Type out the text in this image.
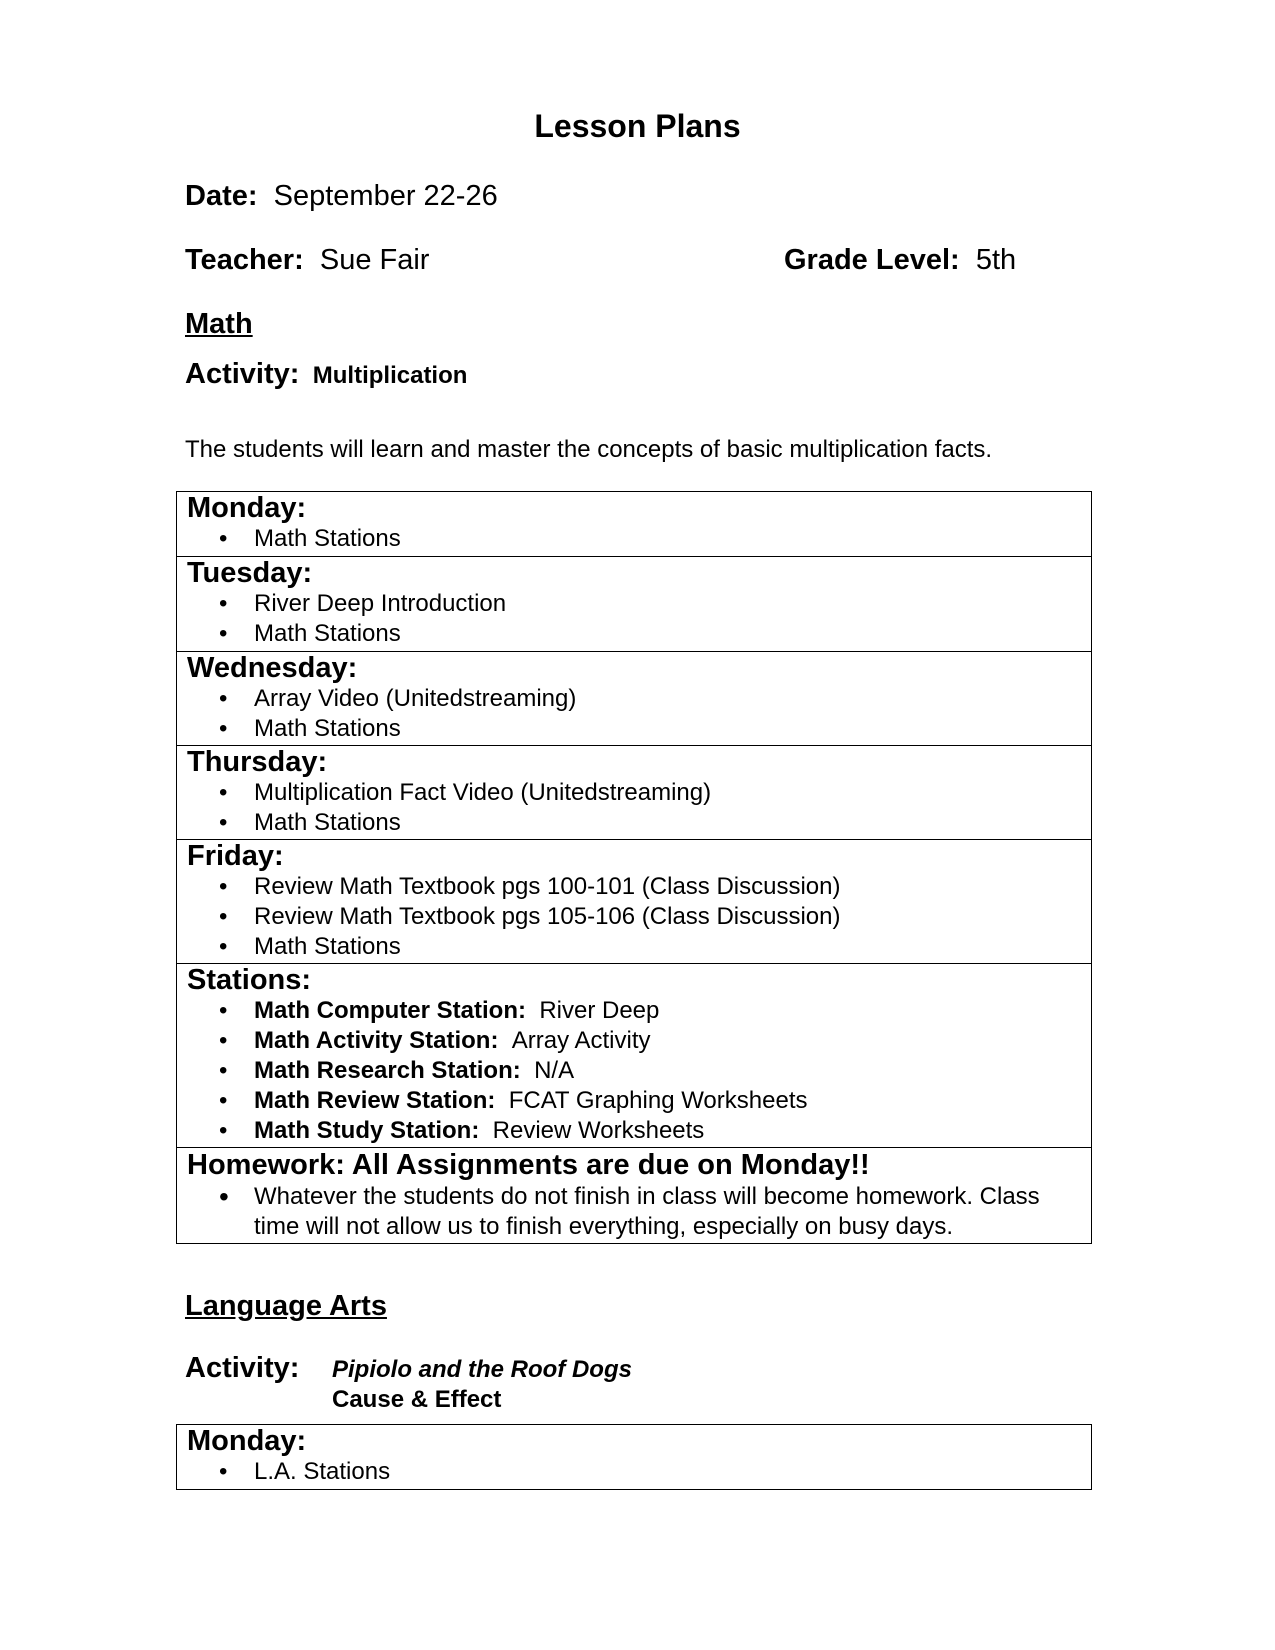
Lesson Plans
Date: September 22-26
Teacher: Sue Fair	Grade Level: 5th
Math
Activity: Multiplication
The students will learn and master the concepts of basic multiplication facts.
Monday:
• Math Stations
Tuesday:
• River Deep Introduction
• Math Stations
Wednesday:
• Array Video (Unitedstreaming)
• Math Stations
Thursday:
• Multiplication Fact Video (Unitedstreaming)
• Math Stations
Friday:
• Review Math Textbook pgs 100-101 (Class Discussion)
• Review Math Textbook pgs 105-106 (Class Discussion)
• Math Stations
Stations:
• Math Computer Station: River Deep
• Math Activity Station: Array Activity
• Math Research Station: N/A
• Math Review Station: FCAT Graphing Worksheets
• Math Study Station: Review Worksheets
Homework: All Assignments are due on Monday!!
• Whatever the students do not finish in class will become homework. Class time will not allow us to finish everything, especially on busy days.
Language Arts
Activity: Pipiolo and the Roof Dogs
Cause & Effect
Monday:
• L.A. Stations
